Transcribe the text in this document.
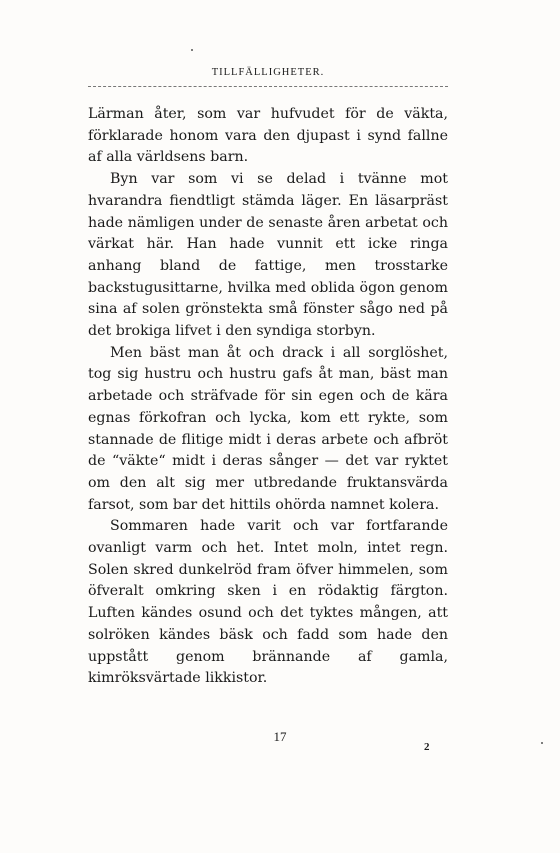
TILLFÄLLIGHETER.

Lärman åter, som var hufvudet för de väkta, förklarade honom vara den djupast i synd fallne af alla världsens barn.

Byn var som vi se delad i tvänne mot hvarandra fiendtligt stämda läger. En läsarpräst hade nämligen under de senaste åren arbetat och värkat här. Han hade vunnit ett icke ringa anhang bland de fattige, men trosstarke backstugusittarne, hvilka med oblida ögon genom sina af solen grönstekta små fönster sågo ned på det brokiga lifvet i den syndiga storbyn.

Men bäst man åt och drack i all sorglöshet, tog sig hustru och hustru gafs åt man, bäst man arbetade och sträfvade för sin egen och de kära egnas förkofran och lycka, kom ett rykte, som stannade de flitige midt i deras arbete och afbröt de “väkte“ midt i deras sånger — det var ryktet om den alt sig mer utbredande fruktansvärda farsot, som bar det hittils ohörda namnet kolera.

Sommaren hade varit och var fortfarande ovanligt varm och het. Intet moln, intet regn. Solen skred dunkelröd fram öfver himmelen, som öfveralt omkring sken i en rödaktig färgton. Luften kändes osund och det tyktes mången, att solröken kändes bäsk och fadd som hade den uppstått genom brännande af gamla, kimröksvärtade likkistor.

17
2
